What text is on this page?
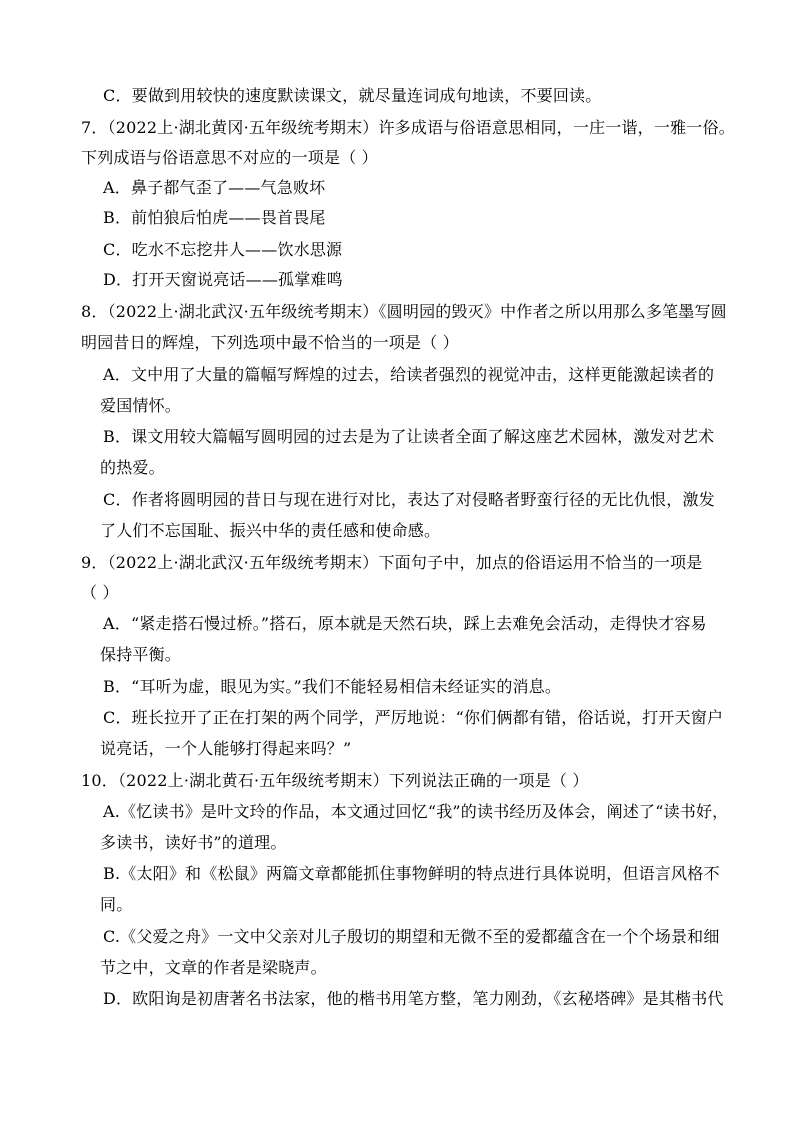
C．要做到用较快的速度默读课文，就尽量连词成句地读，不要回读。
7．（2022上·湖北黄冈·五年级统考期末）许多成语与俗语意思相同，一庄一谐，一雅一俗。
下列成语与俗语意思不对应的一项是（ ）
A．鼻子都气歪了——气急败坏
B．前怕狼后怕虎——畏首畏尾
C．吃水不忘挖井人——饮水思源
D．打开天窗说亮话——孤掌难鸣
8．（2022上·湖北武汉·五年级统考期末）《圆明园的毁灭》中作者之所以用那么多笔墨写圆
明园昔日的辉煌，下列选项中最不恰当的一项是（ ）
A．文中用了大量的篇幅写辉煌的过去，给读者强烈的视觉冲击，这样更能激起读者的
爱国情怀。
B．课文用较大篇幅写圆明园的过去是为了让读者全面了解这座艺术园林，激发对艺术
的热爱。
C．作者将圆明园的昔日与现在进行对比，表达了对侵略者野蛮行径的无比仇恨，激发
了人们不忘国耻、振兴中华的责任感和使命感。
9．（2022上·湖北武汉·五年级统考期末）下面句子中，加点的俗语运用不恰当的一项是
（ ）
A．“紧走搭石慢过桥。”搭石，原本就是天然石块，踩上去难免会活动，走得快才容易
保持平衡。
B．“耳听为虚，眼见为实。”我们不能轻易相信未经证实的消息。
C．班长拉开了正在打架的两个同学，严厉地说：“你们俩都有错，俗话说，打开天窗户
说亮话，一个人能够打得起来吗？”
10．（2022上·湖北黄石·五年级统考期末）下列说法正确的一项是（ ）
A.《忆读书》是叶文玲的作品，本文通过回忆“我”的读书经历及体会，阐述了“读书好，
多读书，读好书”的道理。
B.《太阳》和《松鼠》两篇文章都能抓住事物鲜明的特点进行具体说明，但语言风格不
同。
C.《父爱之舟》一文中父亲对儿子殷切的期望和无微不至的爱都蕴含在一个个场景和细
节之中，文章的作者是梁晓声。
D．欧阳询是初唐著名书法家，他的楷书用笔方整，笔力刚劲，《玄秘塔碑》是其楷书代
